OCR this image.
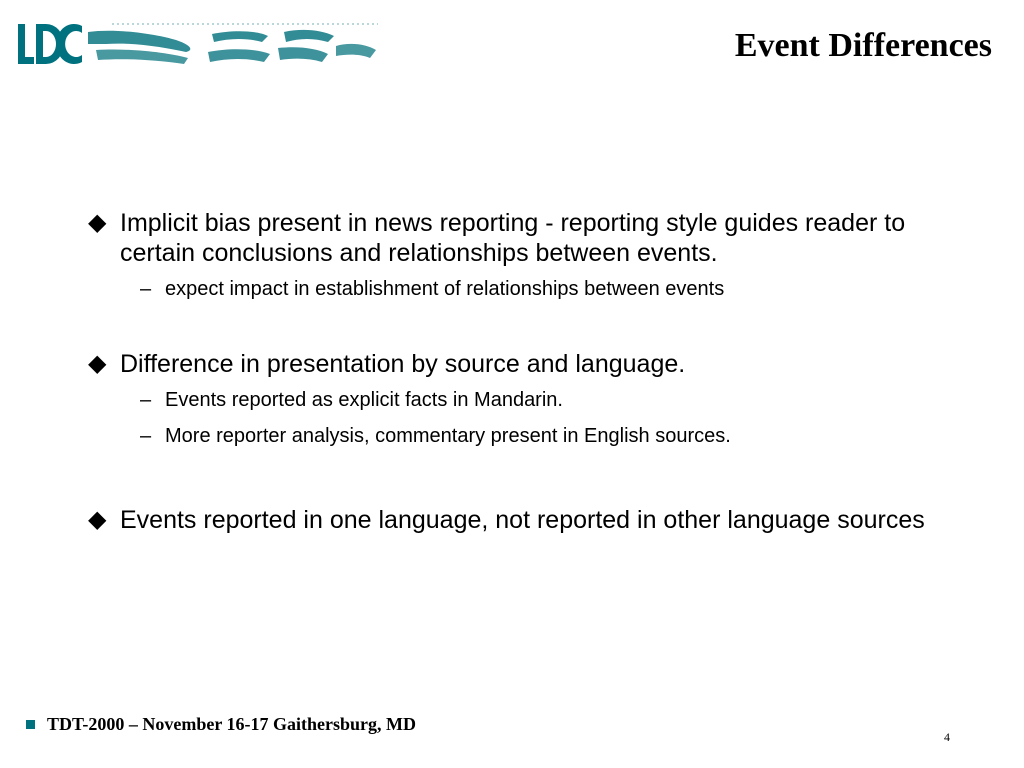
Event Differences
◆ Implicit bias present in news reporting - reporting style guides reader to certain conclusions and relationships between events.
– expect impact in establishment of relationships between events
◆ Difference in presentation by source and language.
– Events reported as explicit facts in Mandarin.
– More reporter analysis, commentary present in English sources.
◆ Events reported in one language, not reported in other language sources
TDT-2000 – November 16-17 Gaithersburg, MD
4
